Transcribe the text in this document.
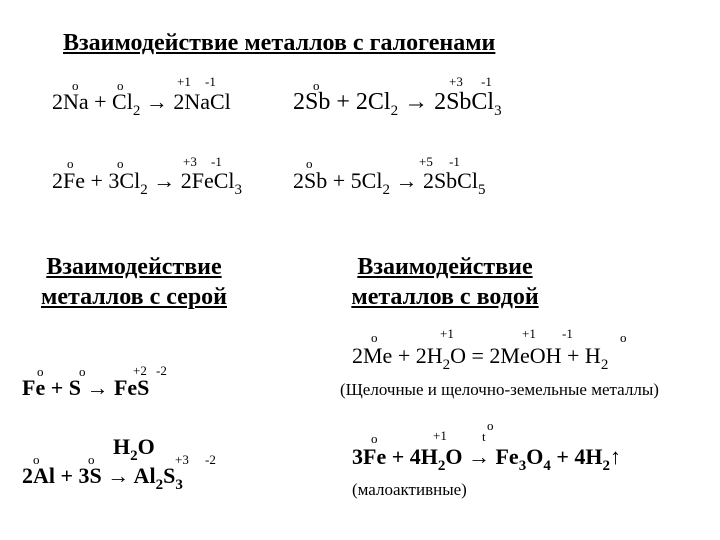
Взаимодействие металлов с галогенами
o	o	+1 -1
$2Na + Cl_2$ → 2NaCl
o	+3 -1
$2Sb + 2Cl_2$ → 2SbCl$_3$
o	o	+3 -1
$2Fe + 3Cl_2$ → 2FeCl$_3$
o	+5 -1
$2Sb + 5Cl_2$ → 2SbCl$_5$
Взаимодействие
металлов с серой
Взаимодействие
металлов с водой
o	o	+2 -2
Fe + S → FeS
$H_2O$
o	o	+3 -2
$2Al + 3S \to Al_2S_3$
o	+1	+1 -1	o
$2Me + 2H_2O$ = 2MeOH + $H_2$
(Щелочные и щелочно-земельные металлы)
o
o	+1	t
$3Fe + 4H_2O \to Fe_3O_4$ + $4H_2↑$
(малоактивные)
